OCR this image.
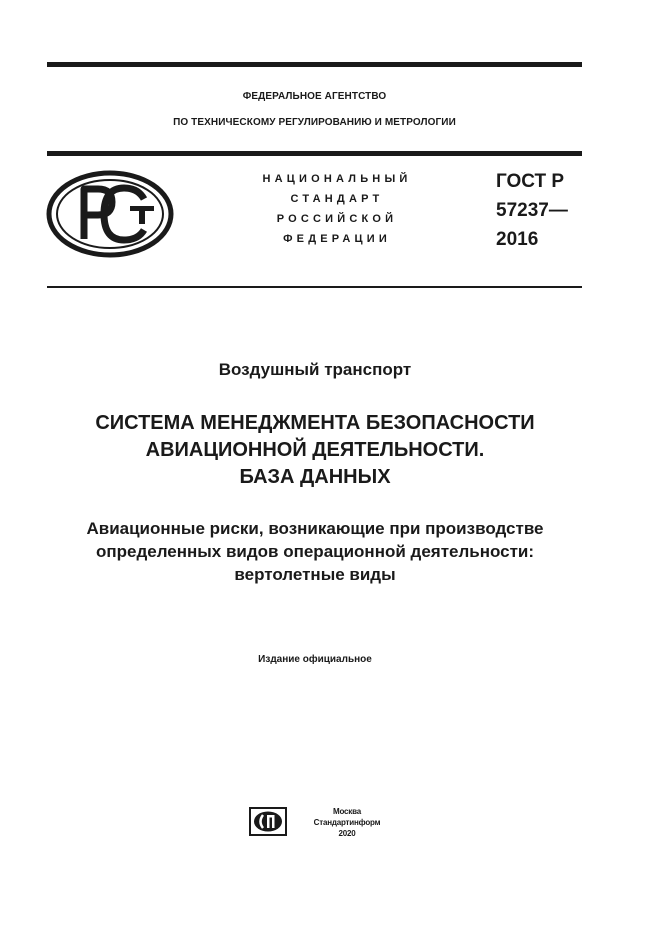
ФЕДЕРАЛЬНОЕ АГЕНТСТВО
ПО ТЕХНИЧЕСКОМУ РЕГУЛИРОВАНИЮ И МЕТРОЛОГИИ
НАЦИОНАЛЬНЫЙ
СТАНДАРТ
РОССИЙСКОЙ
ФЕДЕРАЦИИ
ГОСТ Р
57237—
2016
Воздушный транспорт
СИСТЕМА МЕНЕДЖМЕНТА БЕЗОПАСНОСТИ
АВИАЦИОННОЙ ДЕЯТЕЛЬНОСТИ.
БАЗА ДАННЫХ
Авиационные риски, возникающие при производстве
определенных видов операционной деятельности:
вертолетные виды
Издание официальное
Москва
Стандартинформ
2020
